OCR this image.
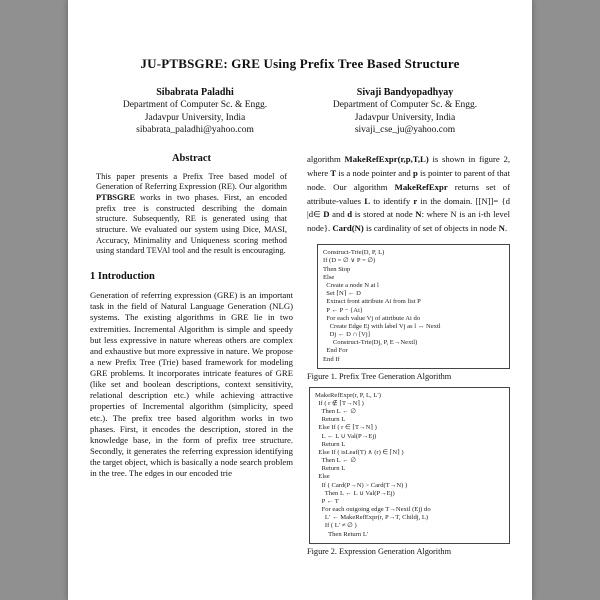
JU-PTBSGRE: GRE Using Prefix Tree Based Structure
Sibabrata Paladhi
Department of Computer Sc. & Engg.
Jadavpur University, India
sibabrata_paladhi@yahoo.com
Sivaji Bandyopadhyay
Department of Computer Sc. & Engg.
Jadavpur University, India
sivaji_cse_ju@yahoo.com
Abstract

This paper presents a Prefix Tree based model of Generation of Referring Expression (RE). Our algorithm PTBSGRE works in two phases. First, an encoded prefix tree is constructed describing the domain structure. Subsequently, RE is generated using that structure. We evaluated our system using Dice, MASI, Accuracy, Minimality and Uniqueness scoring method using standard TEVAl tool and the result is encouraging.

1 Introduction

Generation of referring expression (GRE) is an important task in the field of Natural Language Generation (NLG) systems. The existing algorithms in GRE lie in two extremities. Incremental Algorithm is simple and speedy but less expressive in nature whereas others are complex and exhaustive but more expressive in nature. We propose a new Prefix Tree (Trie) based framework for modeling GRE problems. It incorporates intricate features of GRE (like set and boolean descriptions, context sensitivity, relational description etc.) while achieving attractive properties of Incremental algorithm (simplicity, speed etc.). The prefix tree based algorithm works in two phases. First, it encodes the description, stored in the knowledge base, in the form of prefix tree structure. Secondly, it generates the referring expression identifying the target object, which is basically a node search problem in the tree. The edges in our encoded trie

algorithm MakeRefExpr(r,p,T,L) is shown in figure 2, where T is a node pointer and p is pointer to parent of that node. Our algorithm MakeRefExpr returns set of attribute-values L to identify r in the domain. [[N]]= {d |d∈ D and d is stored at node N: where N is an i-th level node}. Card(N) is cardinality of set of objects in node N.

Construct-Trie(D, P, L)
If (D = ∅ ∨ P = ∅)
Then Stop
Else
Create a node N at l
Set ⌈N⌉ ← D
Extract front attribute Ai from list P
P ← P − {Ai}
For each value Vj of attribute Ai do
Create Edge Ej with label Vj as l ↔ Nextl
Dj ← D ∩ [Vj]
Construct-Trie(Dj, P, E→Nextl)
End For
End If
Figure 1. Prefix Tree Generation Algorithm
MakeRefExpr(r, P, L, L′)
If ( r ∉ ⌈T→N⌉ )
Then L ← ∅
Return L
Else If ( r ∈ ⌈T→N⌉ )
L ← L ∪ Val(P→Ej)
Return L
Else If ( isLeaf(T) ∧ (r) ∈ ⌈N⌉ )
Then L ← ∅
Return L
Else
If ( Card(P→N) > Card(T→N) )
Then L ← L ∪ Val(P→Ej)
P ← T
For each outgoing edge T→Nextl (Ej) do
L′ ← MakeRefExpr(r, P→T, Childj, L)
If ( L′ ≠ ∅ )
Then Return L′
Figure 2. Expression Generation Algorithm
